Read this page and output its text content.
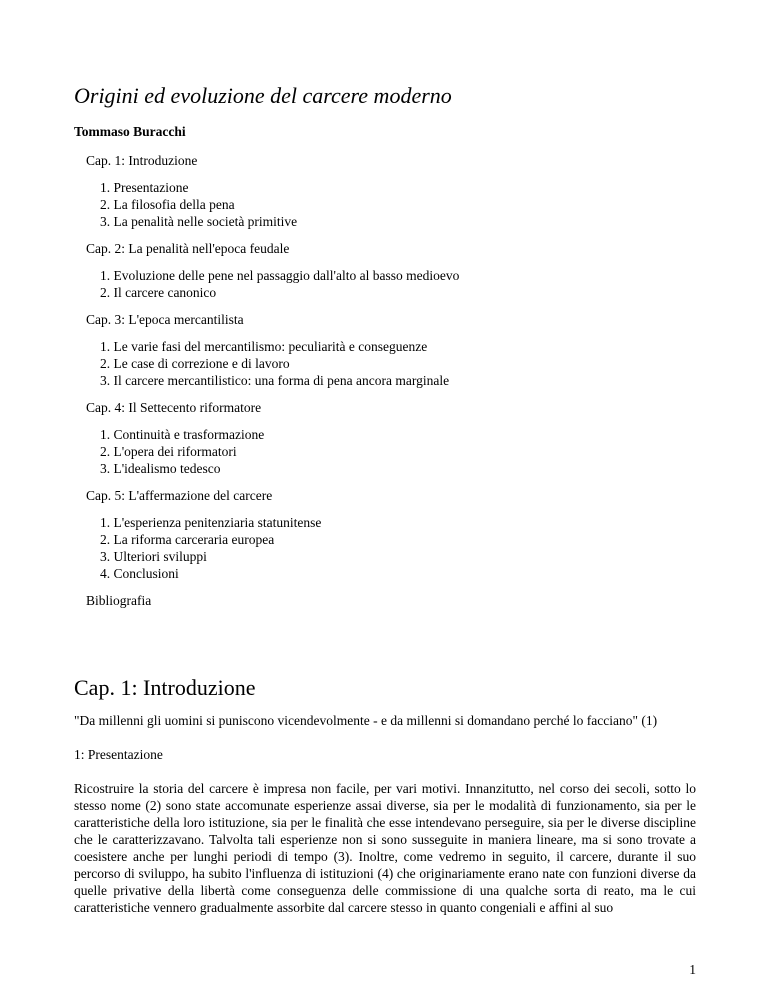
Origini ed evoluzione del carcere moderno

Tommaso Buracchi

Cap. 1: Introduzione
1. Presentazione
2. La filosofia della pena
3. La penalità nelle società primitive
Cap. 2: La penalità nell'epoca feudale
1. Evoluzione delle pene nel passaggio dall'alto al basso medioevo
2. Il carcere canonico
Cap. 3: L'epoca mercantilista
1. Le varie fasi del mercantilismo: peculiarità e conseguenze
2. Le case di correzione e di lavoro
3. Il carcere mercantilistico: una forma di pena ancora marginale
Cap. 4: Il Settecento riformatore
1. Continuità e trasformazione
2. L'opera dei riformatori
3. L'idealismo tedesco
Cap. 5: L'affermazione del carcere
1. L'esperienza penitenziaria statunitense
2. La riforma carceraria europea
3. Ulteriori sviluppi
4. Conclusioni
Bibliografia
Cap. 1: Introduzione

"Da millenni gli uomini si puniscono vicendevolmente - e da millenni si domandano perché lo facciano" (1)

1: Presentazione

Ricostruire la storia del carcere è impresa non facile, per vari motivi. Innanzitutto, nel corso dei secoli, sotto lo stesso nome (2) sono state accomunate esperienze assai diverse, sia per le modalità di funzionamento, sia per le caratteristiche della loro istituzione, sia per le finalità che esse intendevano perseguire, sia per le diverse discipline che le caratterizzavano. Talvolta tali esperienze non si sono susseguite in maniera lineare, ma si sono trovate a coesistere anche per lunghi periodi di tempo (3). Inoltre, come vedremo in seguito, il carcere, durante il suo percorso di sviluppo, ha subito l'influenza di istituzioni (4) che originariamente erano nate con funzioni diverse da quelle privative della libertà come conseguenza delle commissione di una qualche sorta di reato, ma le cui caratteristiche vennero gradualmente assorbite dal carcere stesso in quanto congeniali e affini al suo

1
